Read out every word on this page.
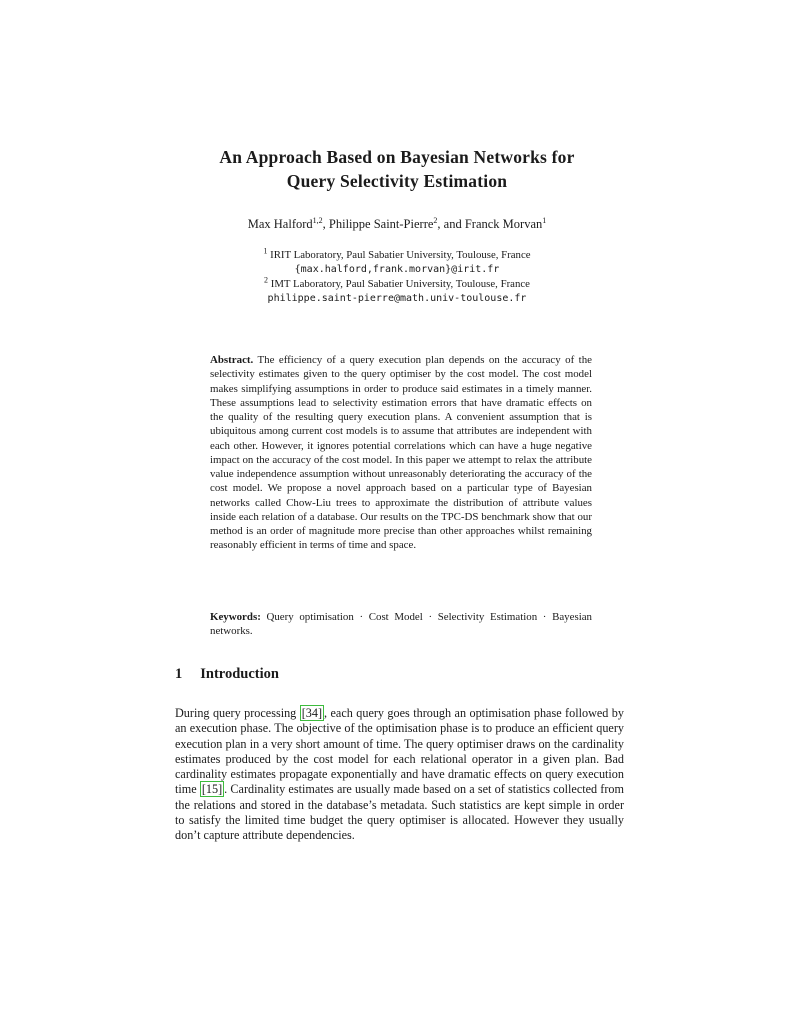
An Approach Based on Bayesian Networks for
Query Selectivity Estimation
Max Halford$^{1,2}$, Philippe Saint-Pierre$^2$, and Franck Morvan$^1$
$^1$ IRIT Laboratory, Paul Sabatier University, Toulouse, France
{max.halford,frank.morvan}@irit.fr
$^2$ IMT Laboratory, Paul Sabatier University, Toulouse, France
philippe.saint-pierre@math.univ-toulouse.fr
Abstract. The efficiency of a query execution plan depends on the accuracy of the selectivity estimates given to the query optimiser by the cost model. The cost model makes simplifying assumptions in order to produce said estimates in a timely manner. These assumptions lead to selectivity estimation errors that have dramatic effects on the quality of the resulting query execution plans. A convenient assumption that is ubiquitous among current cost models is to assume that attributes are independent with each other. However, it ignores potential correlations which can have a huge negative impact on the accuracy of the cost model. In this paper we attempt to relax the attribute value independence assumption without unreasonably deteriorating the accuracy of the cost model. We propose a novel approach based on a particular type of Bayesian networks called Chow-Liu trees to approximate the distribution of attribute values inside each relation of a database. Our results on the TPC-DS benchmark show that our method is an order of magnitude more precise than other approaches whilst remaining reasonably efficient in terms of time and space.
Keywords: Query optimisation · Cost Model · Selectivity Estimation · Bayesian networks.
1 Introduction
During query processing [34] , each query goes through an optimisation phase followed by an execution phase. The objective of the optimisation phase is to produce an efficient query execution plan in a very short amount of time. The query optimiser draws on the cardinality estimates produced by the cost model for each relational operator in a given plan. Bad cardinality estimates propagate exponentially and have dramatic effects on query execution time [15] . Cardinality estimates are usually made based on a set of statistics collected from the relations and stored in the database’s metadata. Such statistics are kept simple in order to satisfy the limited time budget the query optimiser is allocated. However they usually don’t capture attribute dependencies.
